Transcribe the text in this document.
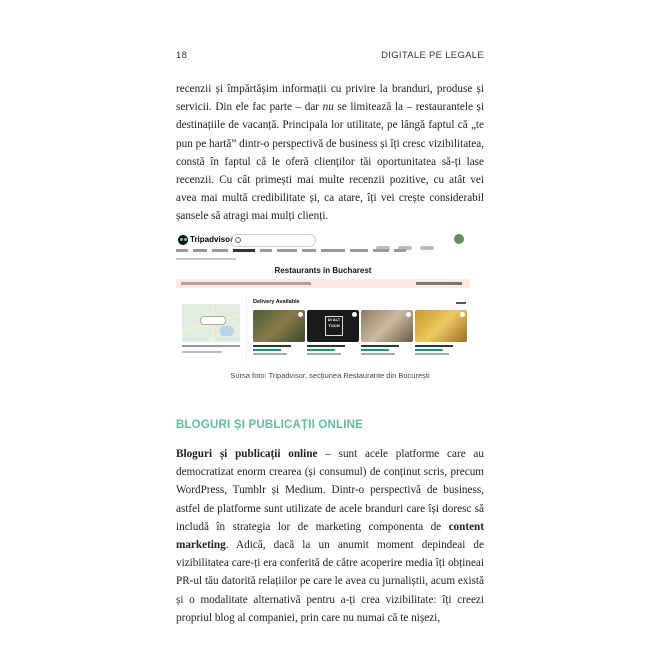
18	DIGITALE PE LEGALE

recenzii și împărtășim informații cu privire la branduri, produse și servicii. Din ele fac parte – dar nu se limitează la – restaurantele și destinațiile de vacanță. Principala lor utilitate, pe lângă faptul că „te pun pe hartă” dintr-o perspectivă de business și îți cresc vizibilitatea, constă în faptul că le oferă clienților tăi oportunitatea să-ți lase recenzii. Cu cât primești mai multe recenzii pozitive, cu atât vei avea mai multă credibilitate și, ca atare, îți vei crește considerabil șansele să atragi mai mulți clienți.

Tripadvisor
Restaurants in Bucharest
Delivery Available
DI ALT TOCH
Sursa foto: Tripadvisor, secțiunea Restaurante din București
BLOGURI ȘI PUBLICAȚII ONLINE

Bloguri și publicații online – sunt acele platforme care au democratizat enorm crearea (și consumul) de conținut scris, precum WordPress, Tumblr și Medium. Dintr-o perspectivă de business, astfel de platforme sunt utilizate de acele branduri care își doresc să includă în strategia lor de marketing componenta de content marketing. Adică, dacă la un anumit moment depindeai de vizibilitatea care-ți era conferită de către acoperire media îți obțineai PR-ul tău datorită relațiilor pe care le avea cu jurnaliștii, acum există și o modalitate alternativă pentru a-ți crea vizibilitate: îți creezi propriul blog al companiei, prin care nu numai că te nișezi,
